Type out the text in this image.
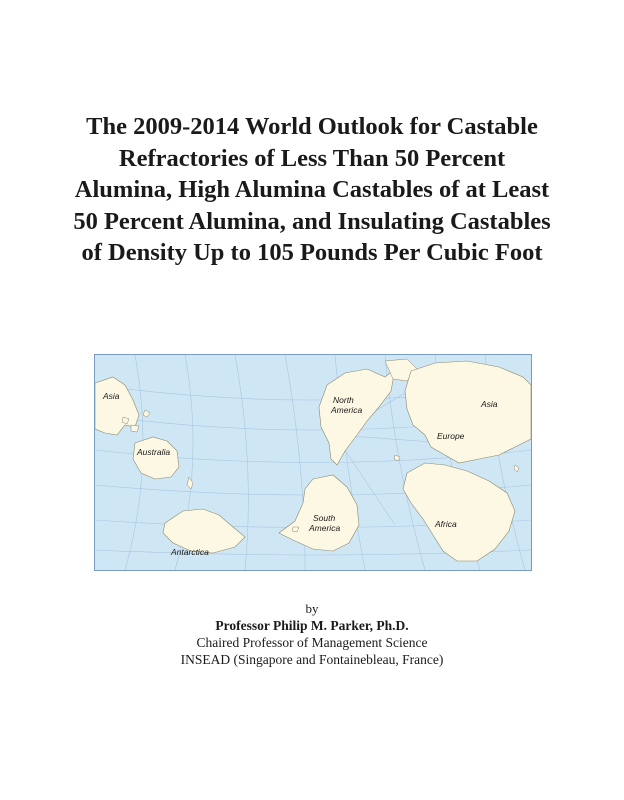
The 2009-2014 World Outlook for Castable
Refractories of Less Than 50 Percent
Alumina, High Alumina Castables of at Least
50 Percent Alumina, and Insulating Castables
of Density Up to 105 Pounds Per Cubic Foot
Asia
Australia
Antarctica
North
America
South
America
Asia
Europe
Africa
by
Professor Philip M. Parker, Ph.D.
Chaired Professor of Management Science
INSEAD (Singapore and Fontainebleau, France)
